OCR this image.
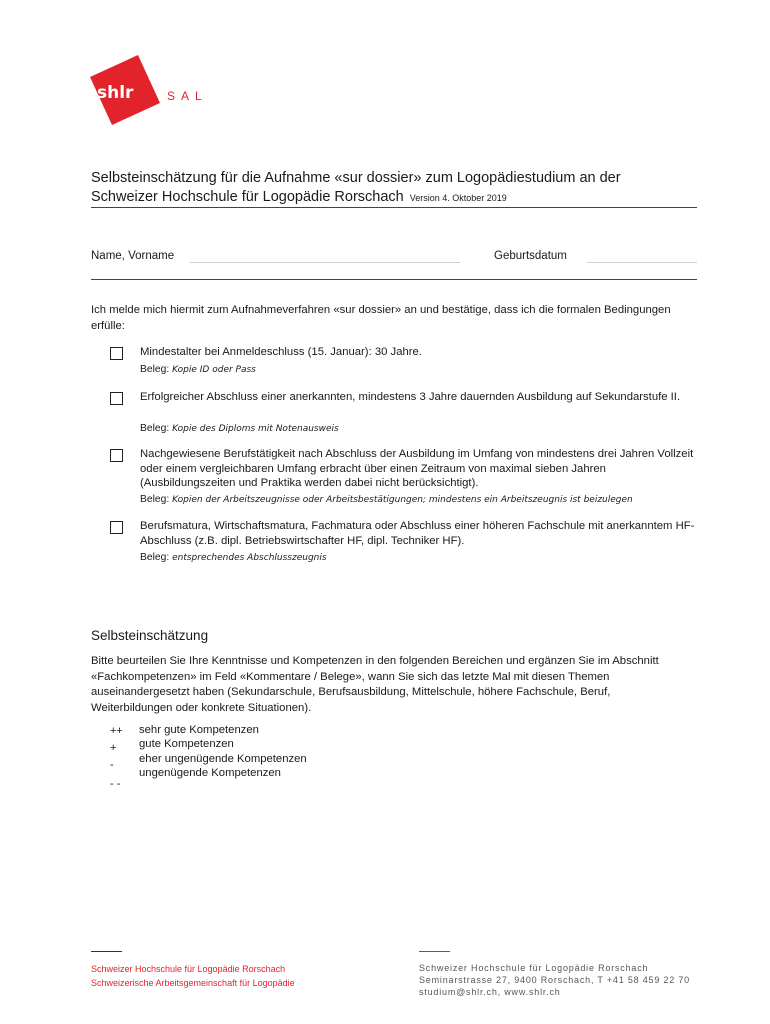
shlr	SAL
Selbsteinschätzung für die Aufnahme «sur dossier» zum Logopädiestudium an der
Schweizer Hochschule für Logopädie Rorschach Version 4. Oktober 2019
Name, Vorname	Geburtsdatum
Ich melde mich hiermit zum Aufnahmeverfahren «sur dossier» an und bestätige, dass ich die formalen Bedingungen erfülle:
Mindestalter bei Anmeldeschluss (15. Januar): 30 Jahre.
Beleg: Kopie ID oder Pass
Erfolgreicher Abschluss einer anerkannten, mindestens 3 Jahre dauernden Ausbildung auf Sekundarstufe II.
Beleg: Kopie des Diploms mit Notenausweis
Nachgewiesene Berufstätigkeit nach Abschluss der Ausbildung im Umfang von mindestens drei Jahren Vollzeit oder einem vergleichbaren Umfang erbracht über einen Zeitraum von maximal sieben Jahren (Ausbildungszeiten und Praktika werden dabei nicht berücksichtigt).
Beleg: Kopien der Arbeitszeugnisse oder Arbeitsbestätigungen; mindestens ein Arbeitszeugnis ist beizulegen
Berufsmatura, Wirtschaftsmatura, Fachmatura oder Abschluss einer höheren Fachschule mit anerkanntem HF-Abschluss (z.B. dipl. Betriebswirtschafter HF, dipl. Techniker HF).
Beleg: entsprechendes Abschlusszeugnis
Selbsteinschätzung
Bitte beurteilen Sie Ihre Kenntnisse und Kompetenzen in den folgenden Bereichen und ergänzen Sie im Abschnitt «Fachkompetenzen» im Feld «Kommentare / Belege», wann Sie sich das letzte Mal mit diesen Themen auseinandergesetzt haben (Sekundarschule, Berufsausbildung, Mittelschule, höhere Fachschule, Beruf, Weiterbildungen oder konkrete Situationen).
++ sehr gute Kompetenzen
+ gute Kompetenzen
- eher ungenügende Kompetenzen
- -
ungenügende Kompetenzen
Schweizer Hochschule für Logopädie Rorschach
Schweizerische Arbeitsgemeinschaft für Logopädie
Schweizer Hochschule für Logopädie Rorschach
Seminarstrasse 27, 9400 Rorschach, T +41 58 459 22 70
studium@shlr.ch, www.shlr.ch
